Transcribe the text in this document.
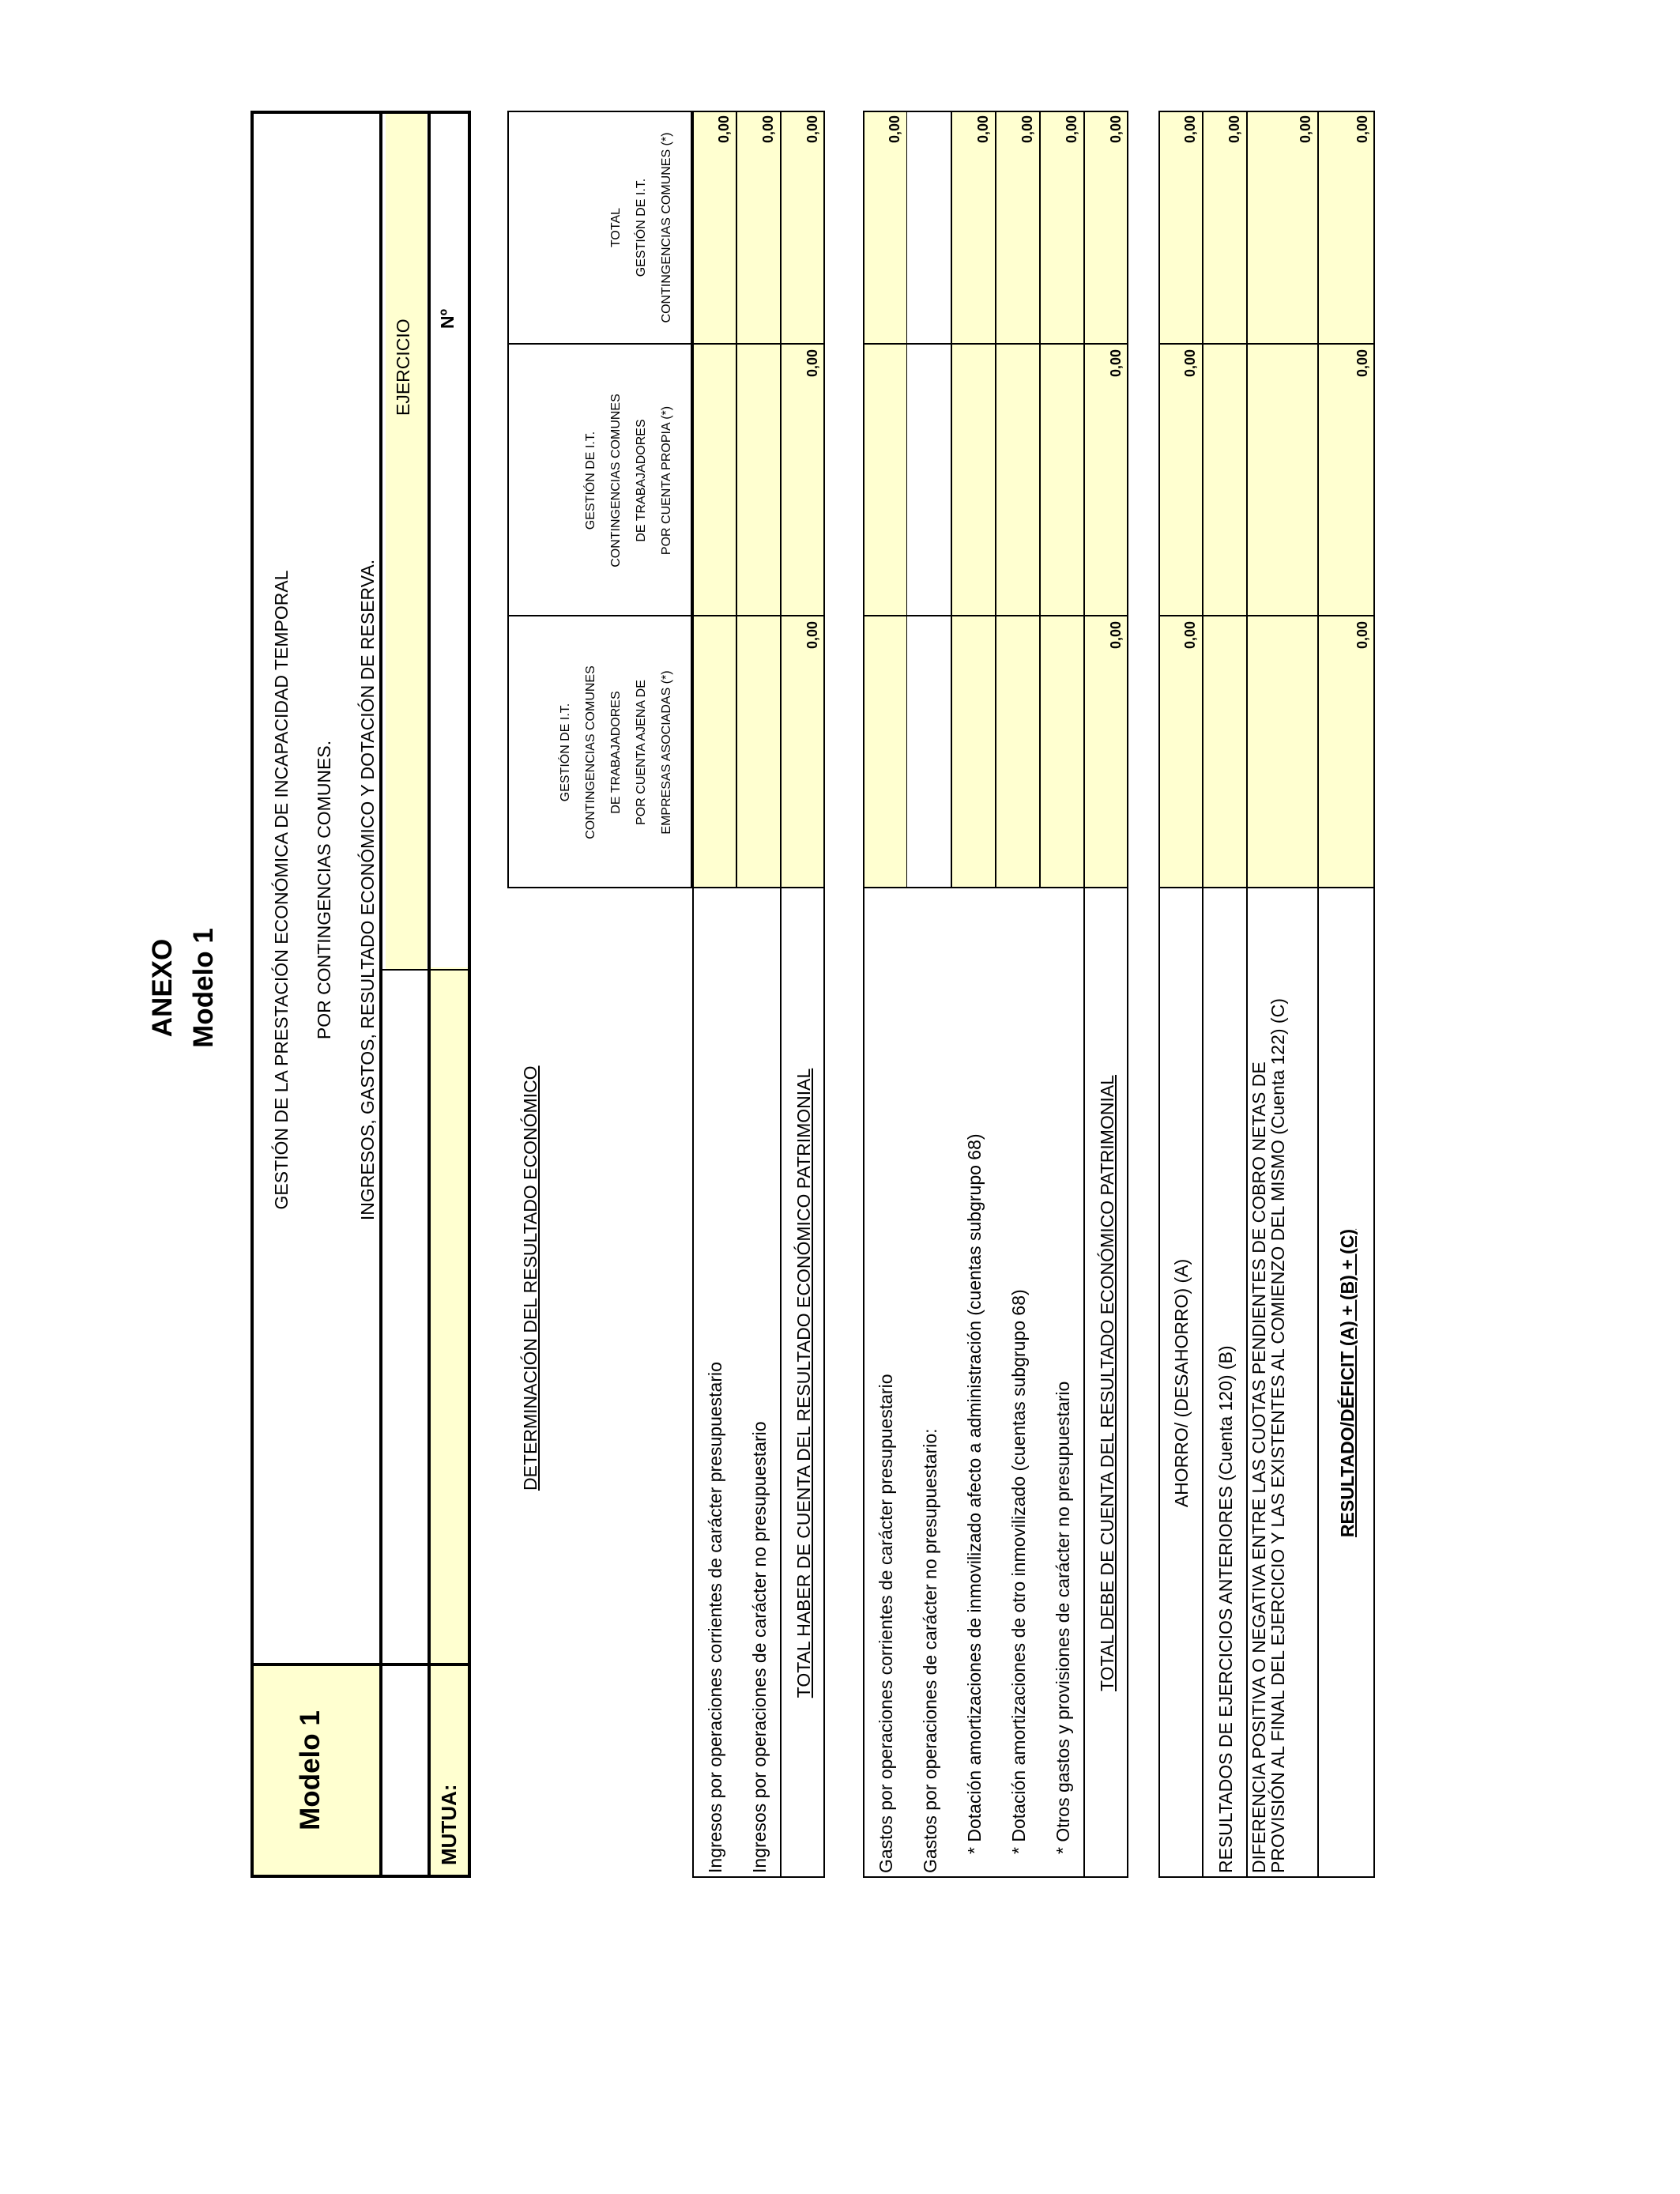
ANEXO Modelo 1
Modelo 1
GESTIÓN DE LA PRESTACIÓN ECONÓMICA DE INCAPACIDAD TEMPORAL POR CONTINGENCIAS COMUNES. INGRESOS, GASTOS, RESULTADO ECONÓMICO Y DOTACIÓN DE RESERVA.
EJERCICIO Nº
MUTUA:
DETERMINACIÓN DEL RESULTADO ECONÓMICO
GESTIÓN DE I.T. CONTINGENCIAS COMUNES DE TRABAJADORES POR CUENTA AJENA DE EMPRESAS ASOCIADAS (*)
GESTIÓN DE I.T. CONTINGENCIAS COMUNES DE TRABAJADORES POR CUENTA PROPIA (*)
TOTAL GESTIÓN DE I.T. CONTINGENCIAS COMUNES (*)
Ingresos por operaciones corrientes de carácter presupuestario
0,00
Ingresos por operaciones de carácter no presupuestario
0,00
TOTAL HABER DE CUENTA DEL RESULTADO ECONÓMICO PATRIMONIAL
0,00
0,00
0,00
Gastos por operaciones corrientes de carácter presupuestario
0,00
Gastos por operaciones de carácter no presupuestario: * Dotación amortizaciones de inmovilizado afecto a administración (cuentas subgrupo 68)
0,00
* Dotación amortizaciones de otro inmovilizado (cuentas subgrupo 68)
0,00
* Otros gastos y provisiones de carácter no presupuestario
0,00
TOTAL DEBE DE CUENTA DEL RESULTADO ECONÓMICO PATRIMONIAL
0,00
0,00
0,00
AHORRO/ (DESAHORRO) (A)
0,00
0,00
0,00
RESULTADOS DE EJERCICIOS ANTERIORES (Cuenta 120) (B)
0,00
DIFERENCIA POSITIVA O NEGATIVA ENTRE LAS CUOTAS PENDIENTES DE COBRO NETAS DE
PROVISIÓN AL FINAL DEL EJERCICIO Y LAS EXISTENTES AL COMIENZO DEL MISMO (Cuenta 122) (C)
0,00
RESULTADO/DÉFICIT (A) + (B) + (C)
0,00
0,00
0,00
